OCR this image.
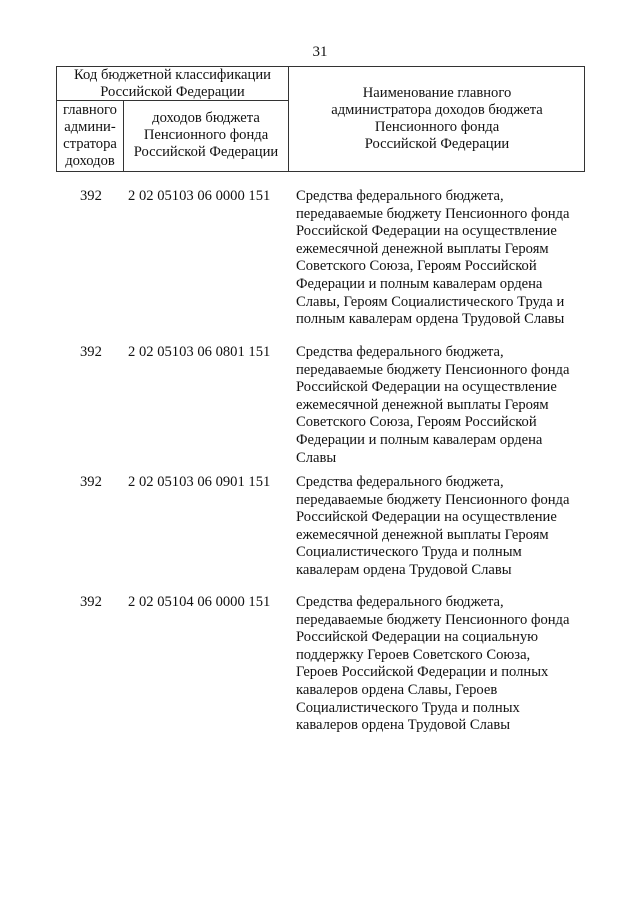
31
Код бюджетной классификации
Российской Федерации
главного
админи-
стратора
доходов
доходов бюджета
Пенсионного фонда
Российской Федерации
Наименование главного
администратора доходов бюджета
Пенсионного фонда
Российской Федерации
392 2 02 05103 06 0000 151 Средства федерального бюджета,
передаваемые бюджету Пенсионного фонда
Российской Федерации на осуществление
ежемесячной денежной выплаты Героям
Советского Союза, Героям Российской
Федерации и полным кавалерам ордена
Славы, Героям Социалистического Труда и
полным кавалерам ордена Трудовой Славы
392 2 02 05103 06 0801 151 Средства федерального бюджета,
передаваемые бюджету Пенсионного фонда
Российской Федерации на осуществление
ежемесячной денежной выплаты Героям
Советского Союза, Героям Российской
Федерации и полным кавалерам ордена
Славы
392 2 02 05103 06 0901 151 Средства федерального бюджета,
передаваемые бюджету Пенсионного фонда
Российской Федерации на осуществление
ежемесячной денежной выплаты Героям
Социалистического Труда и полным
кавалерам ордена Трудовой Славы
392 2 02 05104 06 0000 151 Средства федерального бюджета,
передаваемые бюджету Пенсионного фонда
Российской Федерации на социальную
поддержку Героев Советского Союза,
Героев Российской Федерации и полных
кавалеров ордена Славы, Героев
Социалистического Труда и полных
кавалеров ордена Трудовой Славы
